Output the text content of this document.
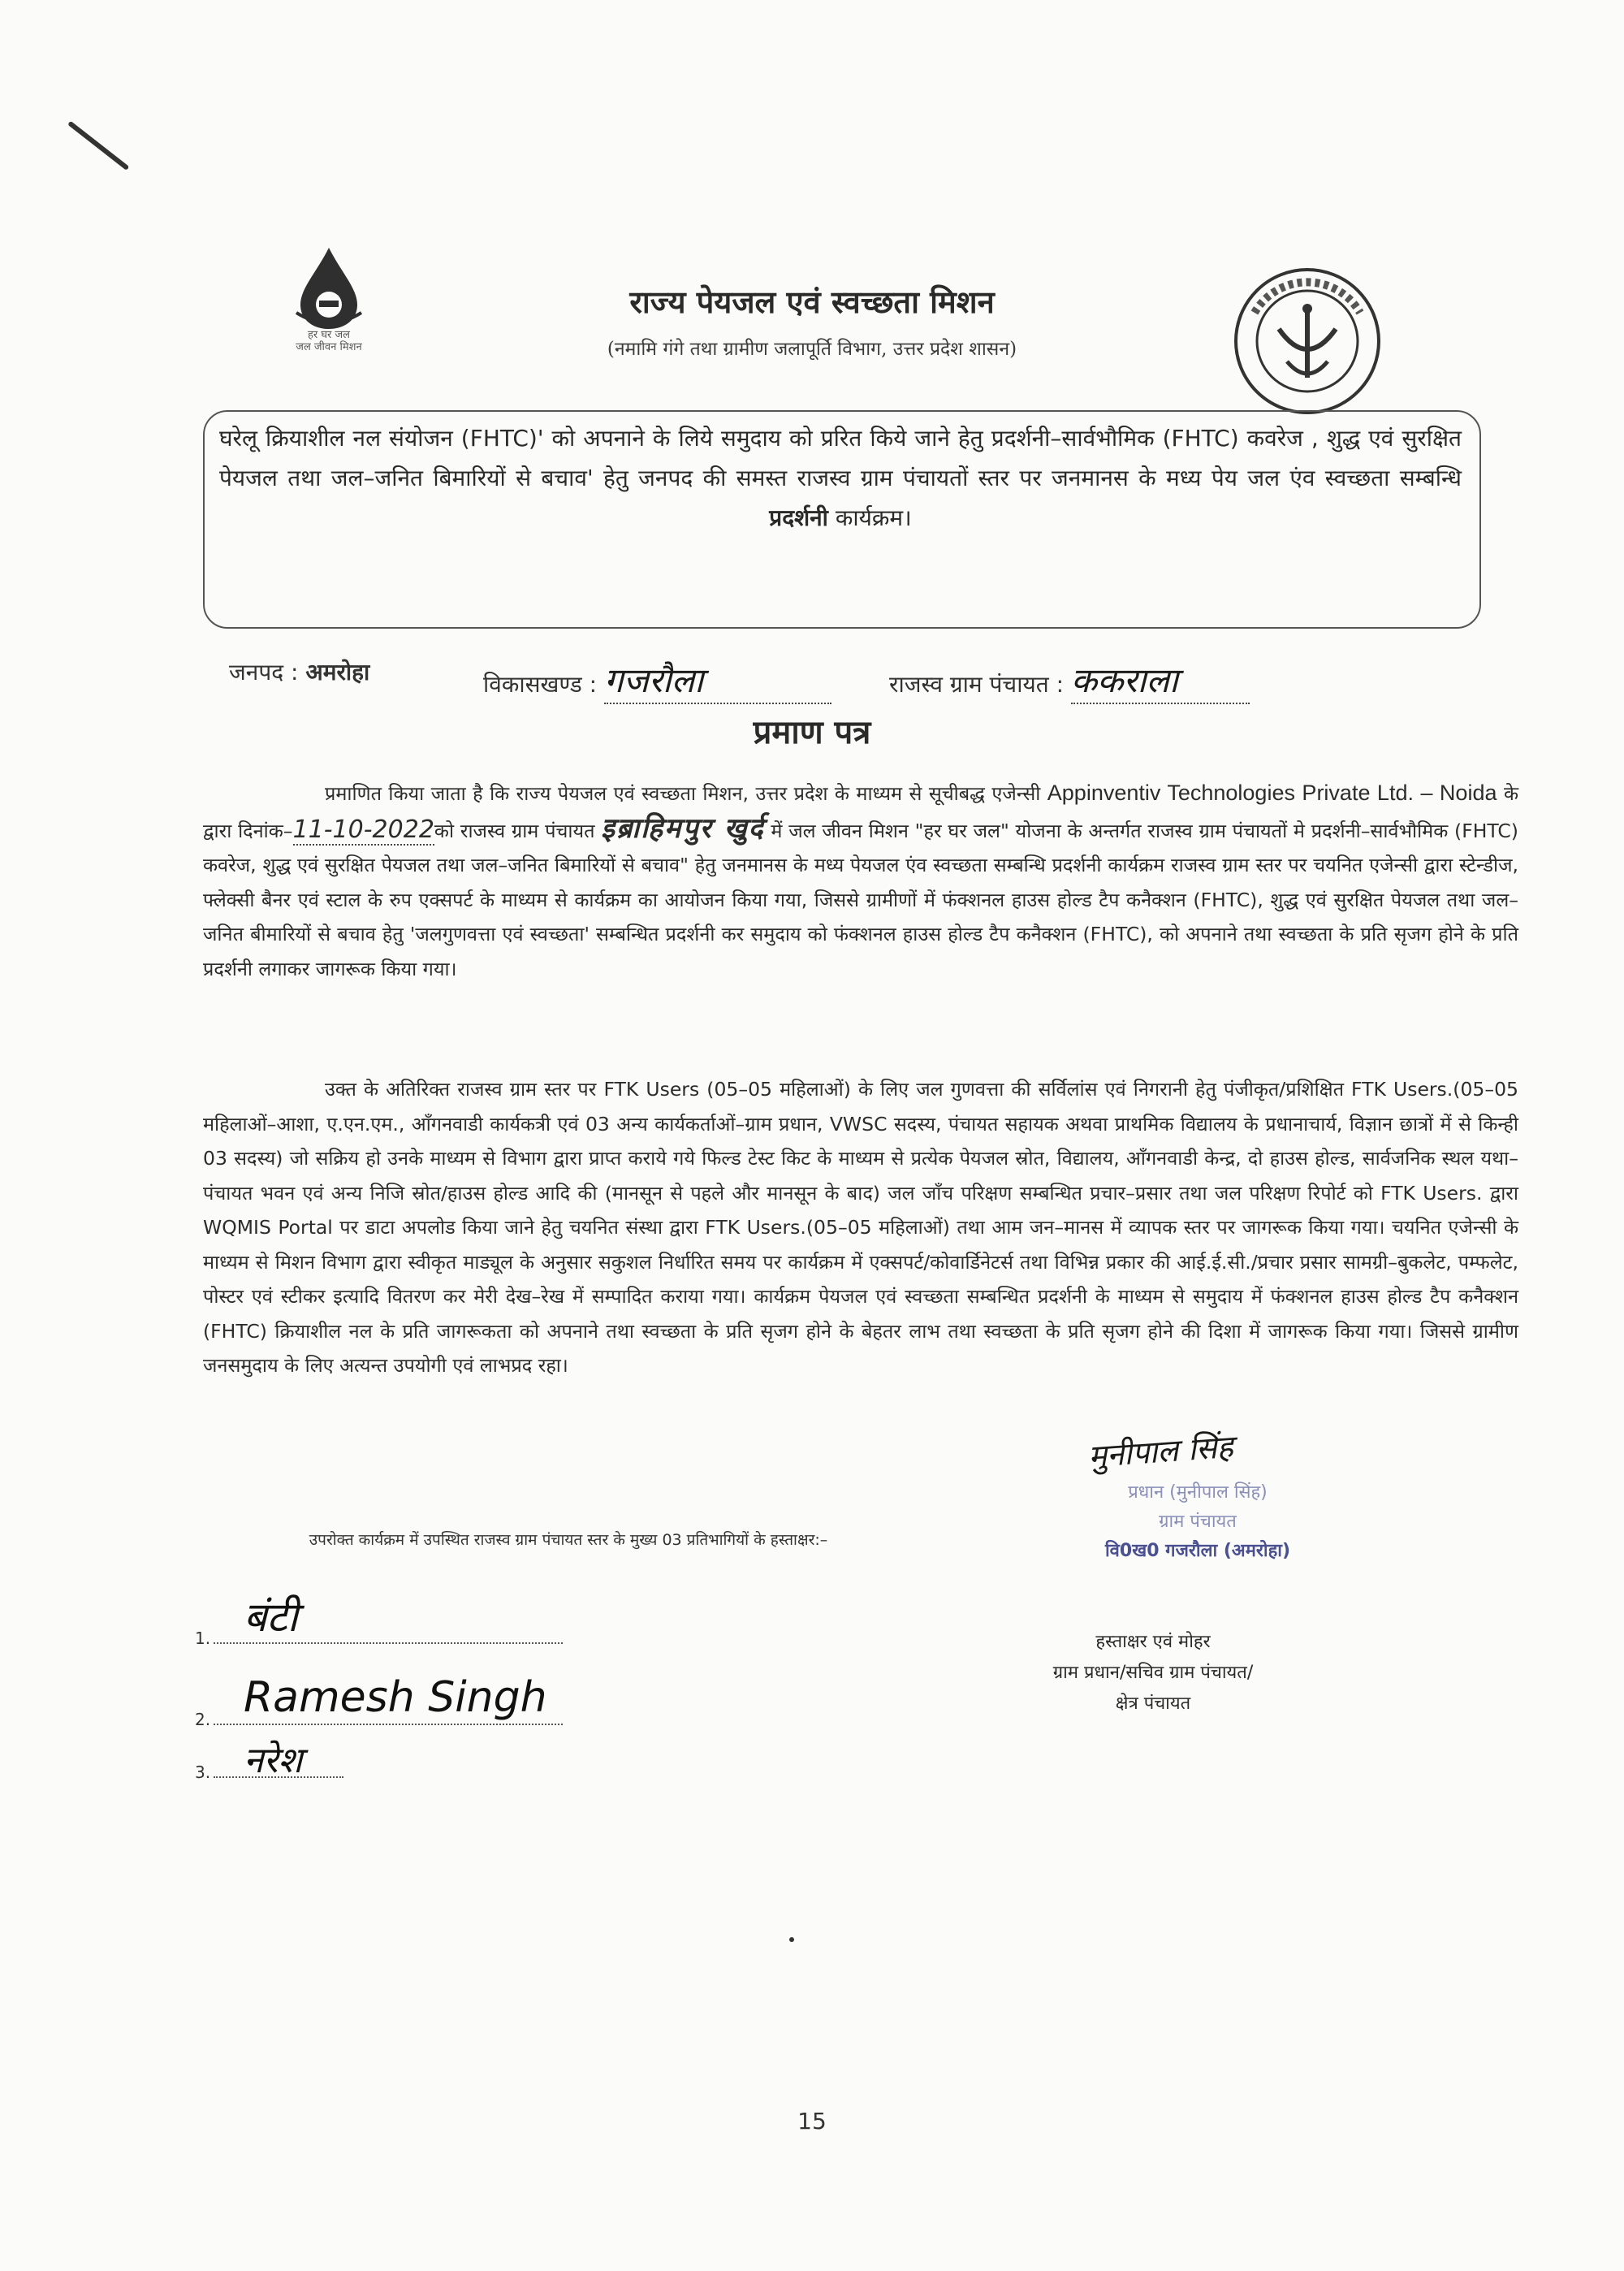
हर घर जल
जल जीवन मिशन
राज्य पेयजल एवं स्वच्छता मिशन
(नमामि गंगे तथा ग्रामीण जलापूर्ति विभाग, उत्तर प्रदेश शासन)
घरेलू क्रियाशील नल संयोजन (FHTC)' को अपनाने के लिये समुदाय को प्ररित किये जाने हेतु प्रदर्शनी–सार्वभौमिक (FHTC) कवरेज , शुद्ध एवं सुरक्षित पेयजल तथा जल–जनित बिमारियों से बचाव' हेतु जनपद की समस्त राजस्व ग्राम पंचायतों स्तर पर जनमानस के मध्य पेय जल एंव स्वच्छता सम्बन्धि प्रदर्शनी कार्यक्रम।
जनपद : अमरोहा	विकासखण्ड : गजरौला	राजस्व ग्राम पंचायत : ककराला
प्रमाण पत्र
प्रमाणित किया जाता है कि राज्य पेयजल एवं स्वच्छता मिशन, उत्तर प्रदेश के माध्यम से सूचीबद्ध एजेन्सी Appinventiv Technologies Private Ltd. – Noida के द्वारा दिनांक–11-10-2022को राजस्व ग्राम पंचायत इब्राहिमपुर खुर्द में जल जीवन मिशन "हर घर जल" योजना के अन्तर्गत राजस्व ग्राम पंचायतों मे प्रदर्शनी–सार्वभौमिक (FHTC) कवरेज, शुद्ध एवं सुरक्षित पेयजल तथा जल–जनित बिमारियों से बचाव" हेतु जनमानस के मध्य पेयजल एंव स्वच्छता सम्बन्धि प्रदर्शनी कार्यक्रम राजस्व ग्राम स्तर पर चयनित एजेन्सी द्वारा स्टेन्डीज, फ्लेक्सी बैनर एवं स्टाल के रुप एक्सपर्ट के माध्यम से कार्यक्रम का आयोजन किया गया, जिससे ग्रामीणों में फंक्शनल हाउस होल्ड टैप कनैक्शन (FHTC), शुद्ध एवं सुरक्षित पेयजल तथा जल–जनित बीमारियों से बचाव हेतु 'जलगुणवत्ता एवं स्वच्छता' सम्बन्धित प्रदर्शनी कर समुदाय को फंक्शनल हाउस होल्ड टैप कनैक्शन (FHTC), को अपनाने तथा स्वच्छता के प्रति सृजग होने के प्रति प्रदर्शनी लगाकर जागरूक किया गया।
उक्त के अतिरिक्त राजस्व ग्राम स्तर पर FTK Users (05–05 महिलाओं) के लिए जल गुणवत्ता की सर्विलांस एवं निगरानी हेतु पंजीकृत/प्रशिक्षित FTK Users.(05–05 महिलाओं–आशा, ए.एन.एम., आँगनवाडी कार्यकत्री एवं 03 अन्य कार्यकर्ताओं–ग्राम प्रधान, VWSC सदस्य, पंचायत सहायक अथवा प्राथमिक विद्यालय के प्रधानाचार्य, विज्ञान छात्रों में से किन्ही 03 सदस्य) जो सक्रिय हो उनके माध्यम से विभाग द्वारा प्राप्त कराये गये फिल्ड टेस्ट किट के माध्यम से प्रत्येक पेयजल स्रोत, विद्यालय, आँगनवाडी केन्द्र, दो हाउस होल्ड, सार्वजनिक स्थल यथा–पंचायत भवन एवं अन्य निजि स्रोत/हाउस होल्ड आदि की (मानसून से पहले और मानसून के बाद) जल जाँच परिक्षण सम्बन्धित प्रचार–प्रसार तथा जल परिक्षण रिपोर्ट को FTK Users. द्वारा WQMIS Portal पर डाटा अपलोड किया जाने हेतु चयनित संस्था द्वारा FTK Users.(05–05 महिलाओं) तथा आम जन–मानस में व्यापक स्तर पर जागरूक किया गया। चयनित एजेन्सी के माध्यम से मिशन विभाग द्वारा स्वीकृत माड्यूल के अनुसार सकुशल निर्धारित समय पर कार्यक्रम में एक्सपर्ट/कोवार्डिनेटर्स तथा विभिन्न प्रकार की आई.ई.सी./प्रचार प्रसार सामग्री–बुकलेट, पम्फलेट, पोस्टर एवं स्टीकर इत्यादि वितरण कर मेरी देख–रेख में सम्पादित कराया गया। कार्यक्रम पेयजल एवं स्वच्छता सम्बन्धित प्रदर्शनी के माध्यम से समुदाय में फंक्शनल हाउस होल्ड टैप कनैक्शन (FHTC) क्रियाशील नल के प्रति जागरूकता को अपनाने तथा स्वच्छता के प्रति सृजग होने के बेहतर लाभ तथा स्वच्छता के प्रति सृजग होने की दिशा में जागरूक किया गया। जिससे ग्रामीण जनसमुदाय के लिए अत्यन्त उपयोगी एवं लाभप्रद रहा।
उपरोक्त कार्यक्रम में उपस्थित राजस्व ग्राम पंचायत स्तर के मुख्य 03 प्रतिभागियों के हस्ताक्षर:–
1. बंटी
2. Ramesh Singh
3. नरेश
मुनीपाल सिंह
प्रधान (मुनीपाल सिंह)
ग्राम पंचायत
वि0ख0 गजरौला (अमरोहा)
हस्ताक्षर एवं मोहर
ग्राम प्रधान/सचिव ग्राम पंचायत/
क्षेत्र पंचायत
15
